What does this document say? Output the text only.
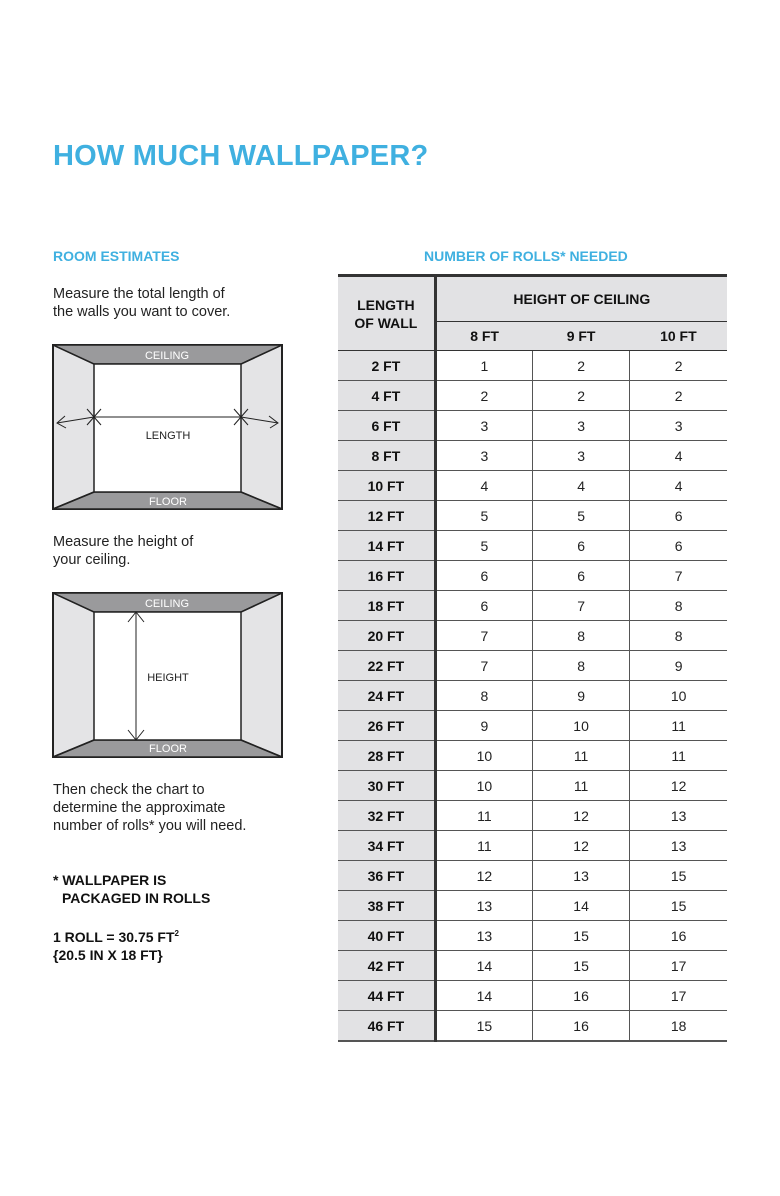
HOW MUCH WALLPAPER?
ROOM ESTIMATES
Measure the total length of
the walls you want to cover.
CEILING
LENGTH
FLOOR
Measure the height of
your ceiling.
CEILING
HEIGHT
FLOOR
Then check the chart to
determine the approximate
number of rolls* you will need.
* WALLPAPER IS
PACKAGED IN ROLLS
1 ROLL = 30.75 $FT^2$
{20.5 IN X 18 FT}
NUMBER OF ROLLS* NEEDED
LENGTH
OF WALL	HEIGHT OF CEILING		
	8 FT	9 FT	10 FT
2 FT	1	2	2
4 FT	2	2	2
6 FT	3	3	3
8 FT	3	3	4
10 FT	4	4	4
12 FT	5	5	6
14 FT	5	6	6
16 FT	6	6	7
18 FT	6	7	8
20 FT	7	8	8
22 FT	7	8	9
24 FT	8	9	10
26 FT	9	10	11
28 FT	10	11	11
30 FT	10	11	12
32 FT	11	12	13
34 FT	11	12	13
36 FT	12	13	15
38 FT	13	14	15
40 FT	13	15	16
42 FT	14	15	17
44 FT	14	16	17
46 FT	15	16	18
